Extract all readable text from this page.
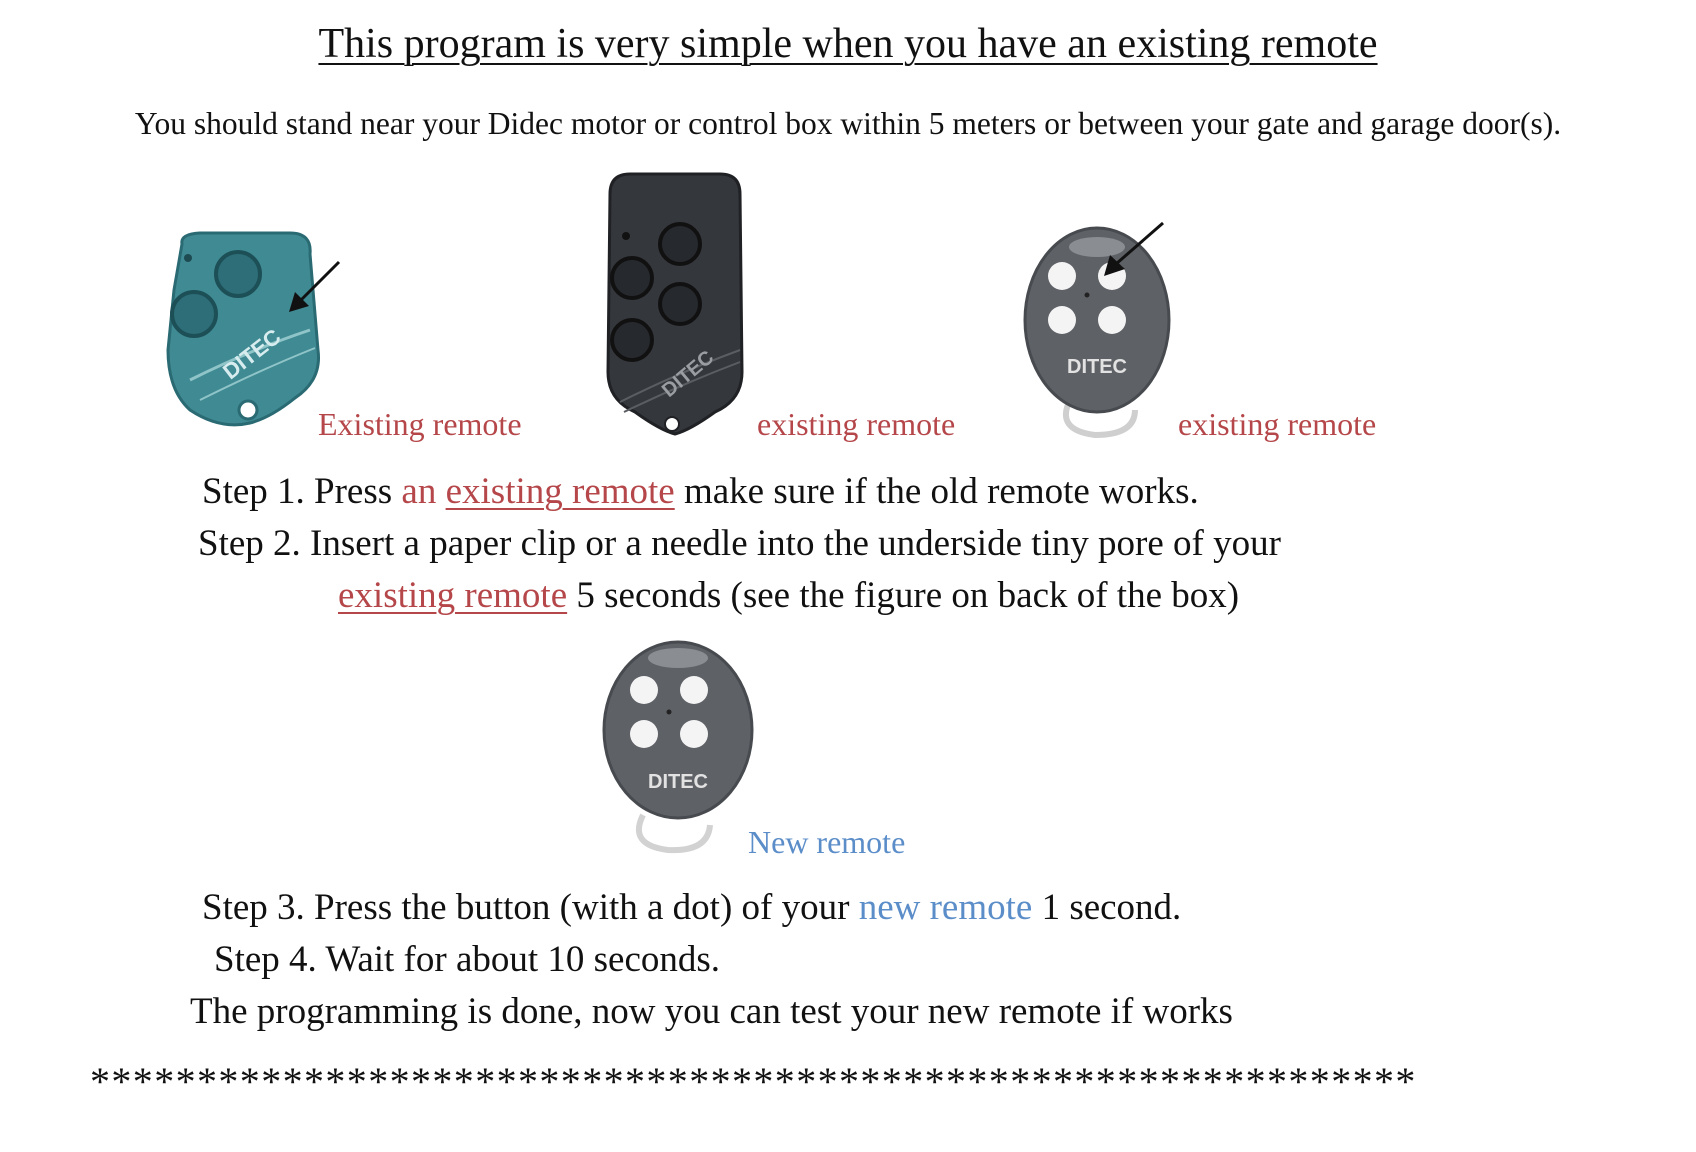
This program is very simple when you have an existing remote
You should stand near your Didec motor or control box within 5 meters or between your gate and garage door(s).
DITEC
Existing remote
DITEC
existing remote
DITEC
existing remote
Step 1. Press an existing remote make sure if the old remote works.
Step 2. Insert a paper clip or a needle into the underside tiny pore of your
existing remote 5 seconds (see the figure on back of the box)
DITEC
New remote
Step 3. Press the button (with a dot) of your new remote 1 second.
Step 4. Wait for about 10 seconds.
The programming is done, now you can test your new remote if works
**************************************************************
